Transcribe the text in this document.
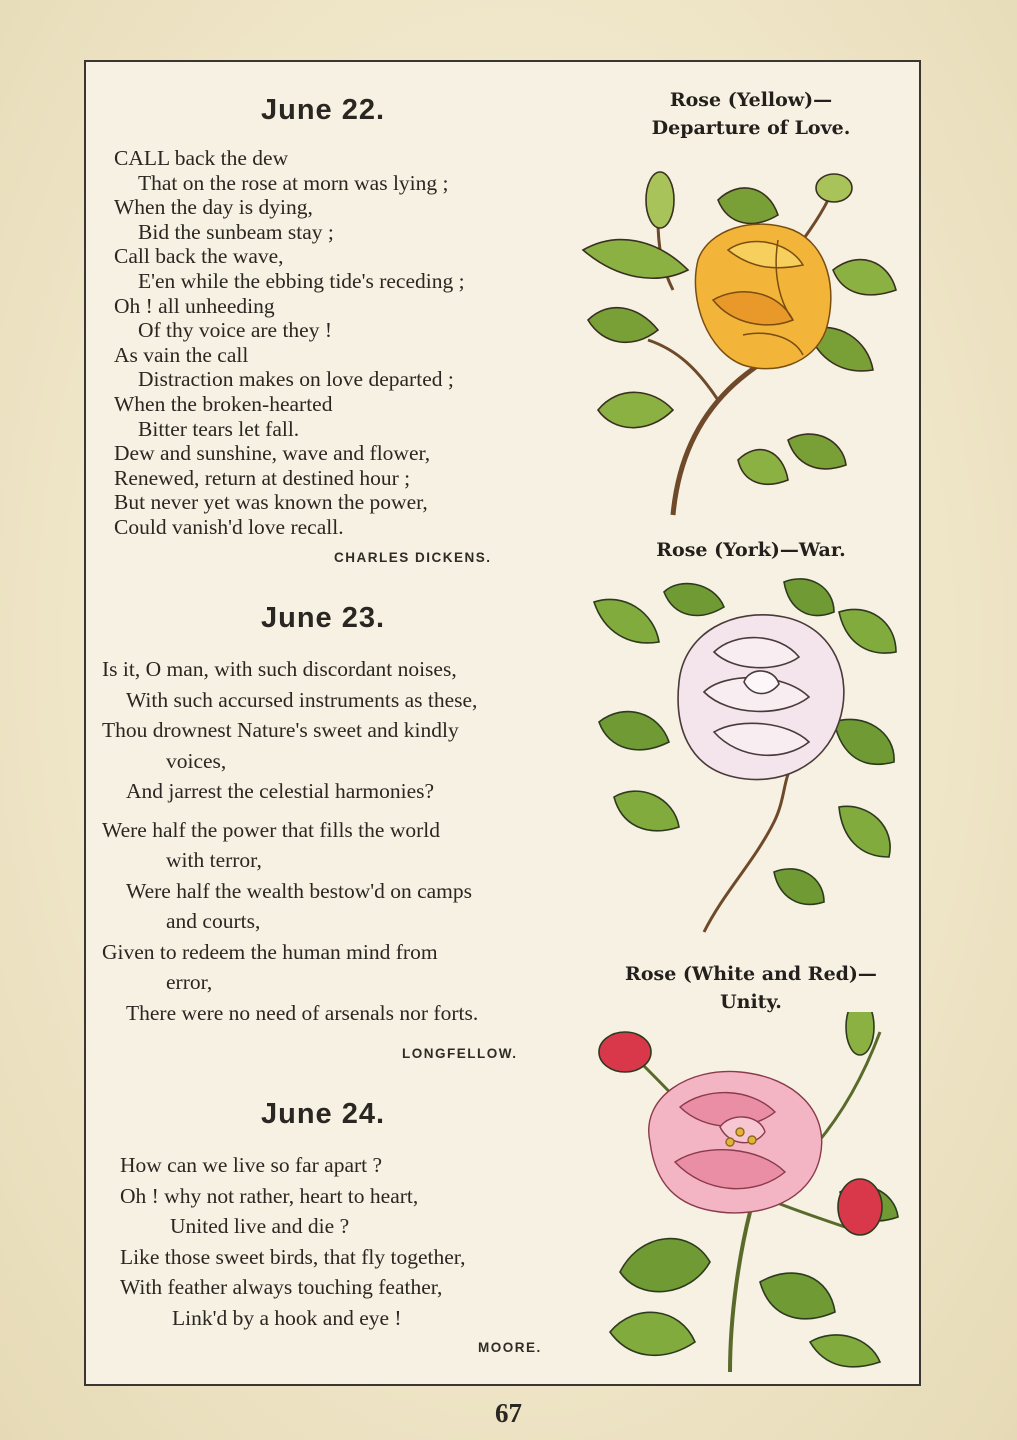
June 22.
CALL back the dew
That on the rose at morn was lying ;
When the day is dying,
Bid the sunbeam stay ;
Call back the wave,
E'en while the ebbing tide's receding ;
Oh ! all unheeding
Of thy voice are they !
As vain the call
Distraction makes on love departed ;
When the broken-hearted
Bitter tears let fall.
Dew and sunshine, wave and flower,
Renewed, return at destined hour ;
But never yet was known the power,
Could vanish'd love recall.
CHARLES DICKENS.
June 23.
Is it, O man, with such discordant noises,
With such accursed instruments as these,
Thou drownest Nature's sweet and kindly
voices,
And jarrest the celestial harmonies?
Were half the power that fills the world
with terror,
Were half the wealth bestow'd on camps
and courts,
Given to redeem the human mind from
error,
There were no need of arsenals nor forts.
LONGFELLOW.
June 24.
How can we live so far apart ?
Oh ! why not rather, heart to heart,
United live and die ?
Like those sweet birds, that fly together,
With feather always touching feather,
Link'd by a hook and eye !
MOORE.
Rose (Yellow)—
Departure of Love.
Rose (York)—War.
Rose (White and Red)—
Unity.
67
